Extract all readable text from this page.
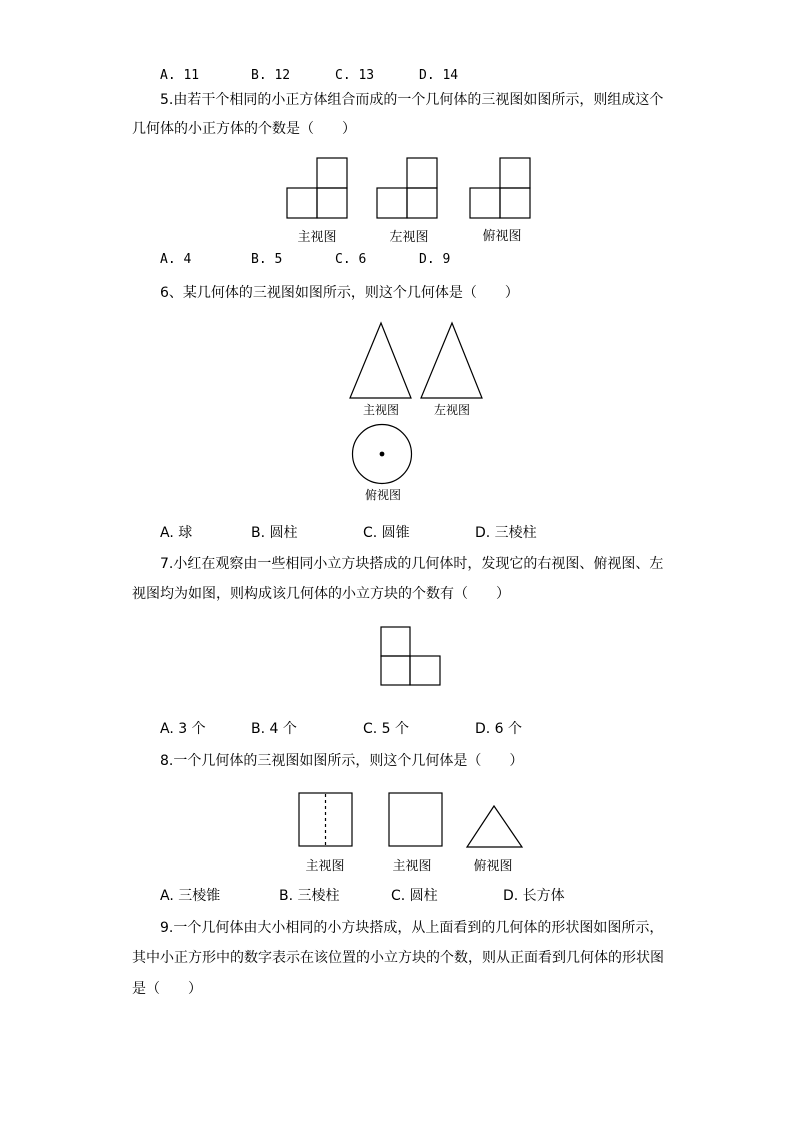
A. 11	B. 12	C. 13	D. 14
5.由若干个相同的小正方体组合而成的一个几何体的三视图如图所示，则组成这个
几何体的小正方体的个数是（　　）
主视图	左视图	俯视图
A. 4	B. 5	C. 6	D. 9
6、某几何体的三视图如图所示，则这个几何体是（　　）
主视图	左视图
俯视图
A. 球	B. 圆柱	C. 圆锥	D. 三棱柱
7.小红在观察由一些相同小立方块搭成的几何体时，发现它的右视图、俯视图、左
视图均为如图，则构成该几何体的小立方块的个数有（　　）
A. 3 个	B. 4 个	C. 5 个	D. 6 个
8.一个几何体的三视图如图所示，则这个几何体是（　　）
主视图	主视图	俯视图
A. 三棱锥	B. 三棱柱	C. 圆柱	D. 长方体
9.一个几何体由大小相同的小方块搭成，从上面看到的几何体的形状图如图所示，
其中小正方形中的数字表示在该位置的小立方块的个数，则从正面看到几何体的形状图
是（　　）
